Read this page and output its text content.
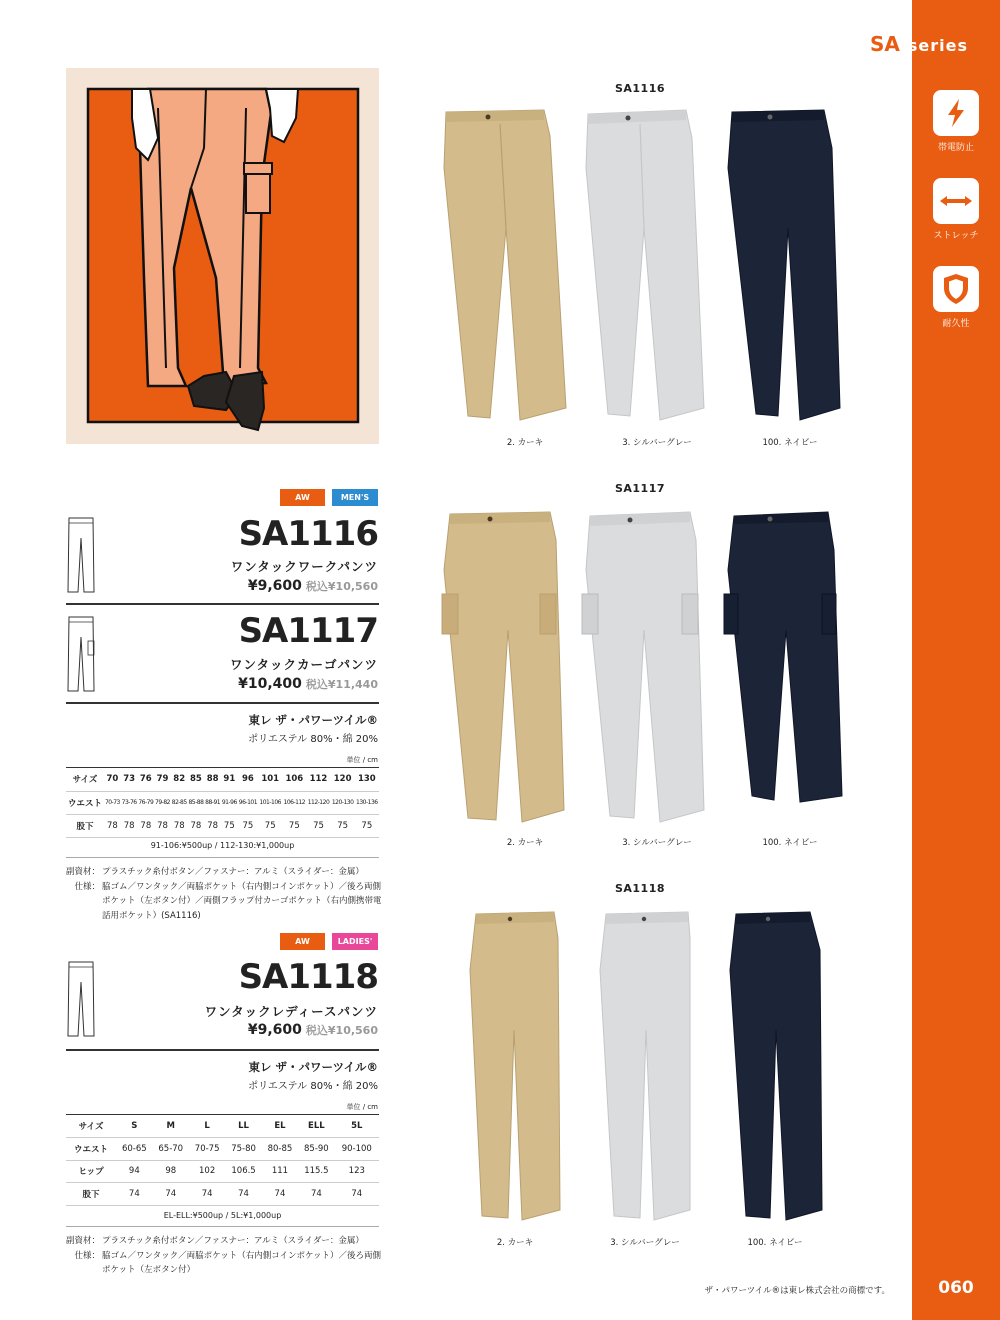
SA series
帯電防止
ストレッチ
耐久性
060
SA1116
SA1117
SA1118
2. カーキ	3. シルバーグレー	100. ネイビー
2. カーキ	3. シルバーグレー	100. ネイビー
2. カーキ	3. シルバーグレー	100. ネイビー
AW	MEN'S
SA1116
ワンタックワークパンツ
¥9,600 税込¥10,560
SA1117
ワンタックカーゴパンツ
¥10,400 税込¥11,440
東レ ザ・パワーツイル®
ポリエステル 80%・綿 20%
単位 / cm
サイズ	70	73	76	79	82	85	88	91	96	101	106	112	120	130
ウエスト	70-73	73-76	76-79	79-82	82-85	85-88	88-91	91-96	96-101	101-106	106-112	112-120	120-130	130-136
股下	78	78	78	78	78	78	78	75	75	75	75	75	75	75
91-106:¥500up / 112-130:¥1,000up
副資材： プラスチック糸付ボタン／ファスナー：アルミ（スライダー：金属）
仕様： 脇ゴム／ワンタック／両脇ポケット（右内側コインポケット）／後ろ両側ポケット（左ボタン付）／両側フラップ付カーゴポケット（右内側携帯電話用ポケット）(SA1116)
AW	LADIES'
SA1118
ワンタックレディースパンツ
¥9,600 税込¥10,560
東レ ザ・パワーツイル®
ポリエステル 80%・綿 20%
単位 / cm
サイズ	S	M	L	LL	EL	ELL	5L
ウエスト	60-65	65-70	70-75	75-80	80-85	85-90	90-100
ヒップ	94	98	102	106.5	111	115.5	123
股下	74	74	74	74	74	74	74
EL-ELL:¥500up / 5L:¥1,000up
副資材： プラスチック糸付ボタン／ファスナー：アルミ（スライダー：金属）
仕様： 脇ゴム／ワンタック／両脇ポケット（右内側コインポケット）／後ろ両側ポケット（左ボタン付）
ザ・パワーツイル®は東レ株式会社の商標です。
